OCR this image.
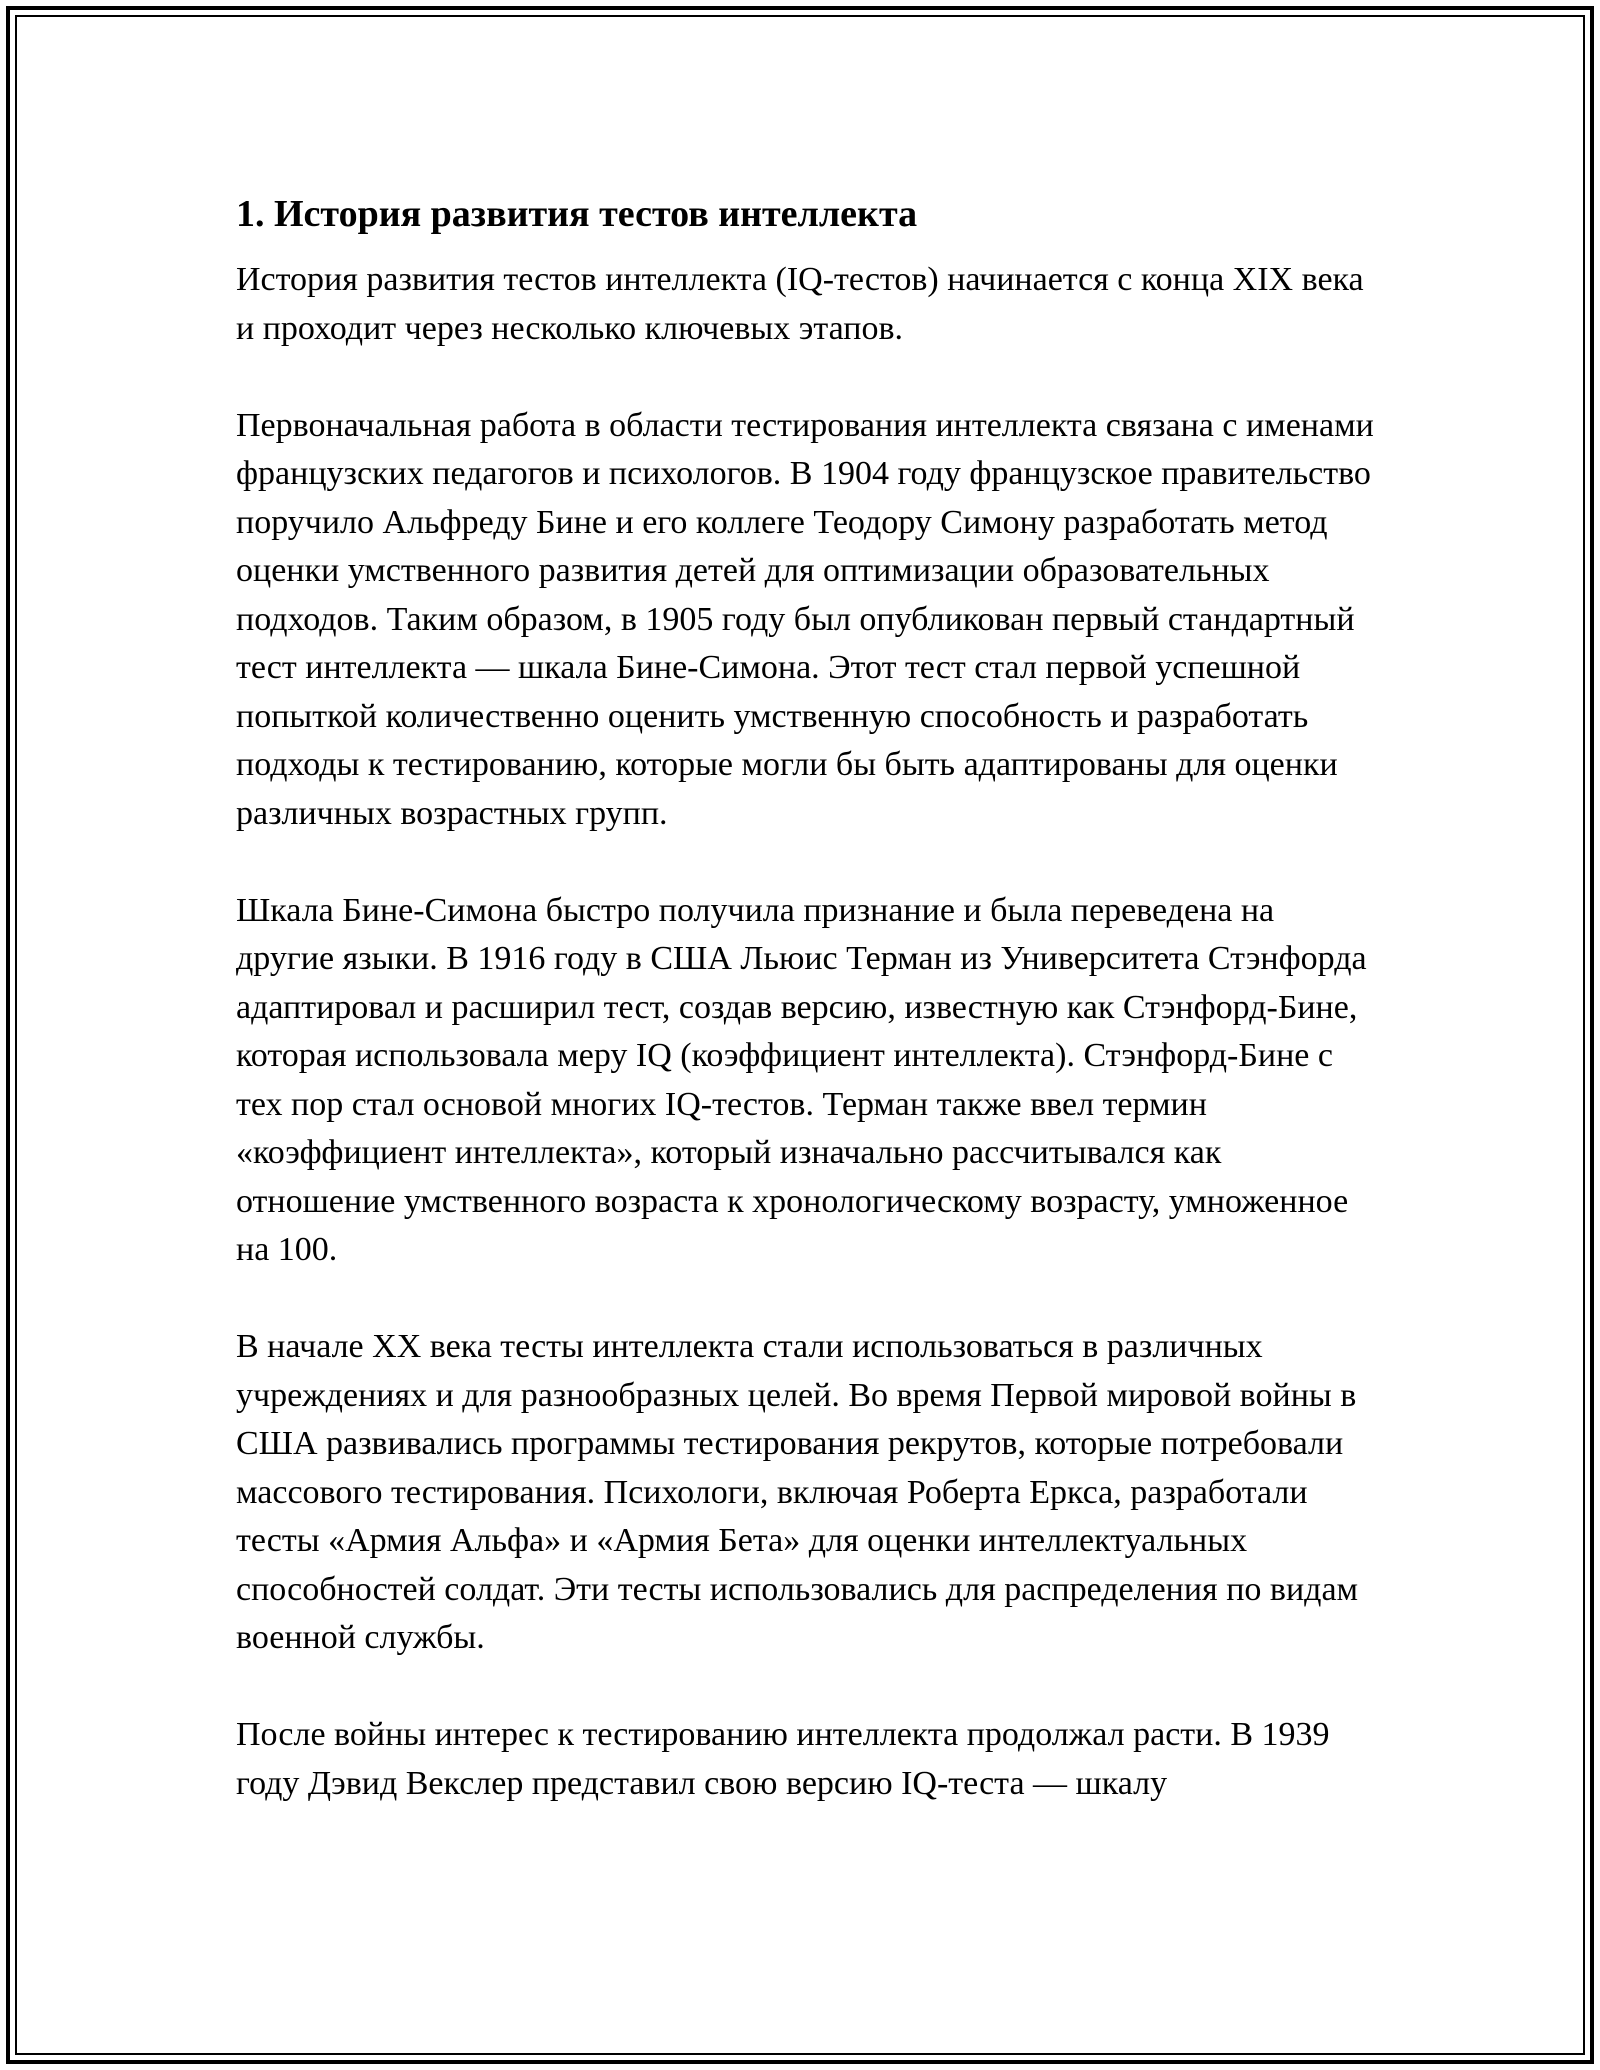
1. История развития тестов интеллекта

История развития тестов интеллекта (IQ-тестов) начинается с конца XIX века и проходит через несколько ключевых этапов.

Первоначальная работа в области тестирования интеллекта связана с именами французских педагогов и психологов. В 1904 году французское правительство поручило Альфреду Бине и его коллеге Теодору Симону разработать метод оценки умственного развития детей для оптимизации образовательных подходов. Таким образом, в 1905 году был опубликован первый стандартный тест интеллекта — шкала Бине-Симона. Этот тест стал первой успешной попыткой количественно оценить умственную способность и разработать подходы к тестированию, которые могли бы быть адаптированы для оценки различных возрастных групп.

Шкала Бине-Симона быстро получила признание и была переведена на другие языки. В 1916 году в США Льюис Терман из Университета Стэнфорда адаптировал и расширил тест, создав версию, известную как Стэнфорд-Бине, которая использовала меру IQ (коэффициент интеллекта). Стэнфорд-Бине с тех пор стал основой многих IQ-тестов. Терман также ввел термин «коэффициент интеллекта», который изначально рассчитывался как отношение умственного возраста к хронологическому возрасту, умноженное на 100.

В начале XX века тесты интеллекта стали использоваться в различных учреждениях и для разнообразных целей. Во время Первой мировой войны в США развивались программы тестирования рекрутов, которые потребовали массового тестирования. Психологи, включая Роберта Еркса, разработали тесты «Армия Альфа» и «Армия Бета» для оценки интеллектуальных способностей солдат. Эти тесты использовались для распределения по видам военной службы.

После войны интерес к тестированию интеллекта продолжал расти. В 1939 году Дэвид Векслер представил свою версию IQ-теста — шкалу
